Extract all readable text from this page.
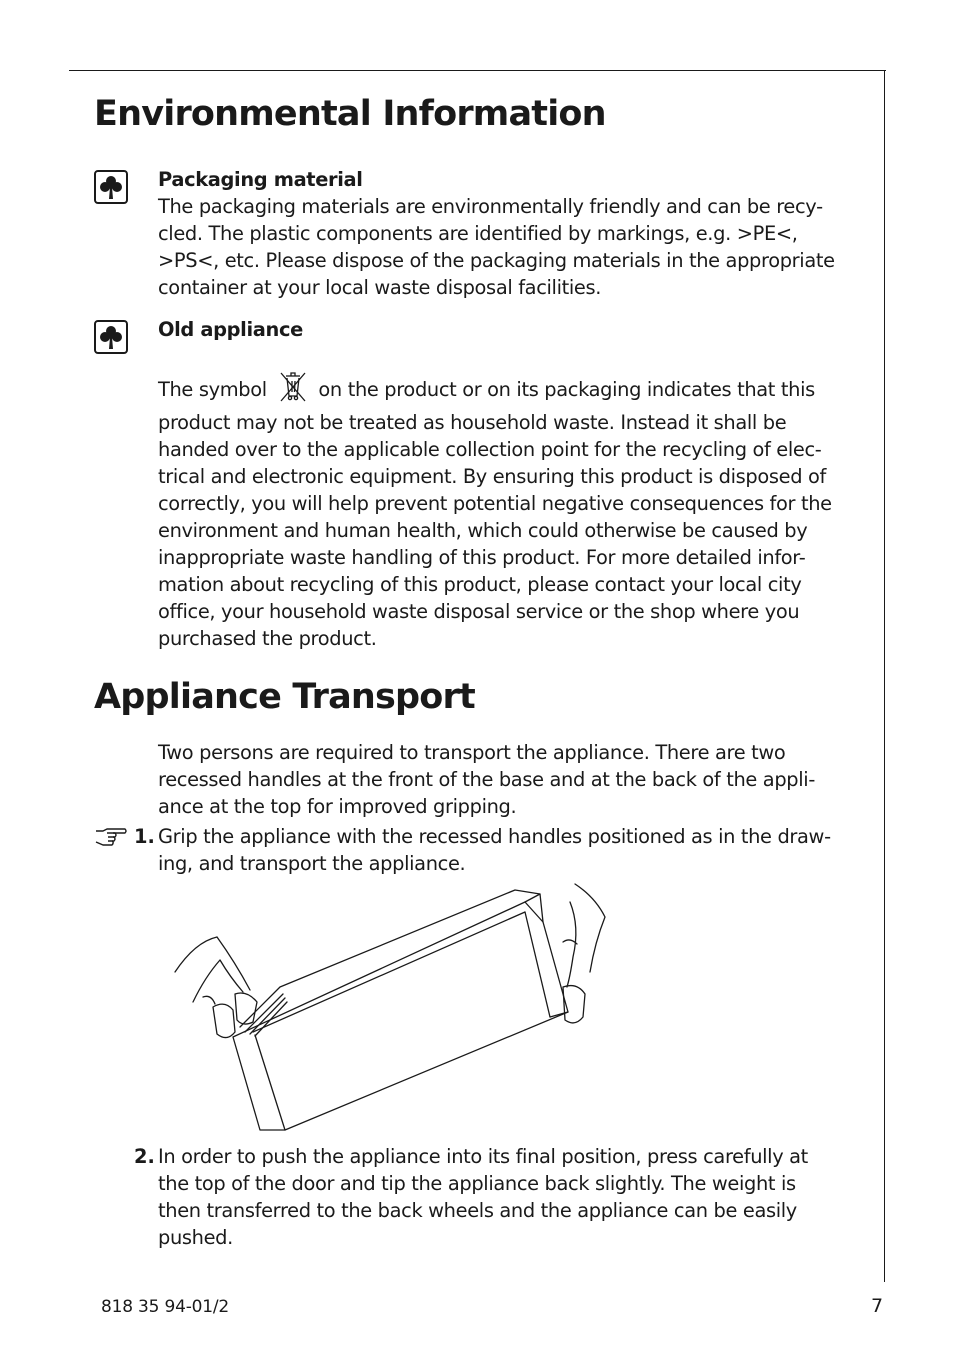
Environmental Information
Packaging material
The packaging materials are environmentally friendly and can be recy-
cled. The plastic components are identified by markings, e.g. >PE<,
>PS<, etc. Please dispose of the packaging materials in the appropriate
container at your local waste disposal facilities.
Old appliance
The symbol	on the product or on its packaging indicates that this
product may not be treated as household waste. Instead it shall be
handed over to the applicable collection point for the recycling of elec-
trical and electronic equipment. By ensuring this product is disposed of
correctly, you will help prevent potential negative consequences for the
environment and human health, which could otherwise be caused by
inappropriate waste handling of this product. For more detailed infor-
mation about recycling of this product, please contact your local city
office, your household waste disposal service or the shop where you
purchased the product.
Appliance Transport
Two persons are required to transport the appliance. There are two
recessed handles at the front of the base and at the back of the appli-
ance at the top for improved gripping.
1. Grip the appliance with the recessed handles positioned as in the draw-
ing, and transport the appliance.
2. In order to push the appliance into its final position, press carefully at
the top of the door and tip the appliance back slightly. The weight is
then transferred to the back wheels and the appliance can be easily
pushed.
818 35 94-01/2	7
